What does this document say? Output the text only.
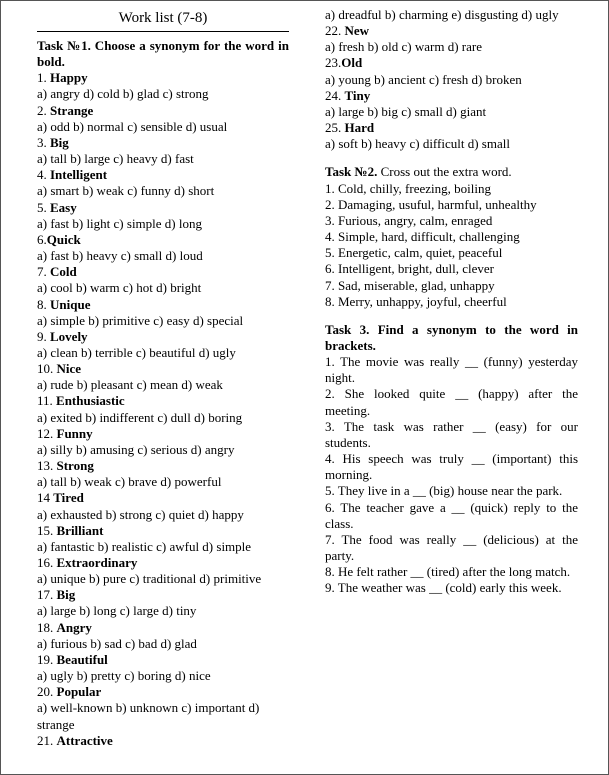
Work list (7-8)
Task №1. Choose a synonym for the word in bold.
1. Happy
a) angry d) cold b) glad c) strong
2. Strange
a) odd b) normal c) sensible d) usual
3. Big
a) tall b) large c) heavy d) fast
4. Intelligent
a) smart b) weak c) funny d) short
5. Easy
a) fast b) light c) simple d) long
6.Quick
a) fast b) heavy c) small d) loud
7. Cold
a) cool b) warm c) hot d) bright
8. Unique
a) simple b) primitive c) easy d) special
9. Lovely
a) clean b) terrible c) beautiful d) ugly
10. Nice
a) rude b) pleasant c) mean d) weak
11. Enthusiastic
a) exited b) indifferent c) dull d) boring
12. Funny
a) silly b) amusing c) serious d) angry
13. Strong
a) tall b) weak c) brave d) powerful
14 Tired
a) exhausted b) strong c) quiet d) happy
15. Brilliant
a) fantastic b) realistic c) awful d) simple
16. Extraordinary
a) unique b) pure c) traditional d) primitive
17. Big
a) large b) long c) large d) tiny
18. Angry
a) furious b) sad c) bad d) glad
19. Beautiful
a) ugly b) pretty c) boring d) nice
20. Popular
a) well-known b) unknown c) important d) strange
21. Attractive
a) dreadful b) charming e) disgusting d) ugly
22. New
a) fresh b) old c) warm d) rare
23.Old
a) young b) ancient c) fresh d) broken
24. Tiny
a) large b) big c) small d) giant
25. Hard
a) soft b) heavy c) difficult d) small
Task №2. Cross out the extra word.
1. Cold, chilly, freezing, boiling
2. Damaging, usuful, harmful, unhealthy
3. Furious, angry, calm, enraged
4. Simple, hard, difficult, challenging
5. Energetic, calm, quiet, peaceful
6. Intelligent, bright, dull, clever
7. Sad, miserable, glad, unhappy
8. Merry, unhappy, joyful, cheerful
Task 3. Find a synonym to the word in brackets.
1. The movie was really __ (funny) yesterday night.
2. She looked quite __ (happy) after the meeting.
3. The task was rather __ (easy) for our students.
4. His speech was truly __ (important) this morning.
5. They live in a __ (big) house near the park.
6. The teacher gave a __ (quick) reply to the class.
7. The food was really __ (delicious) at the party.
8. He felt rather __ (tired) after the long match.
9. The weather was __ (cold) early this week.
